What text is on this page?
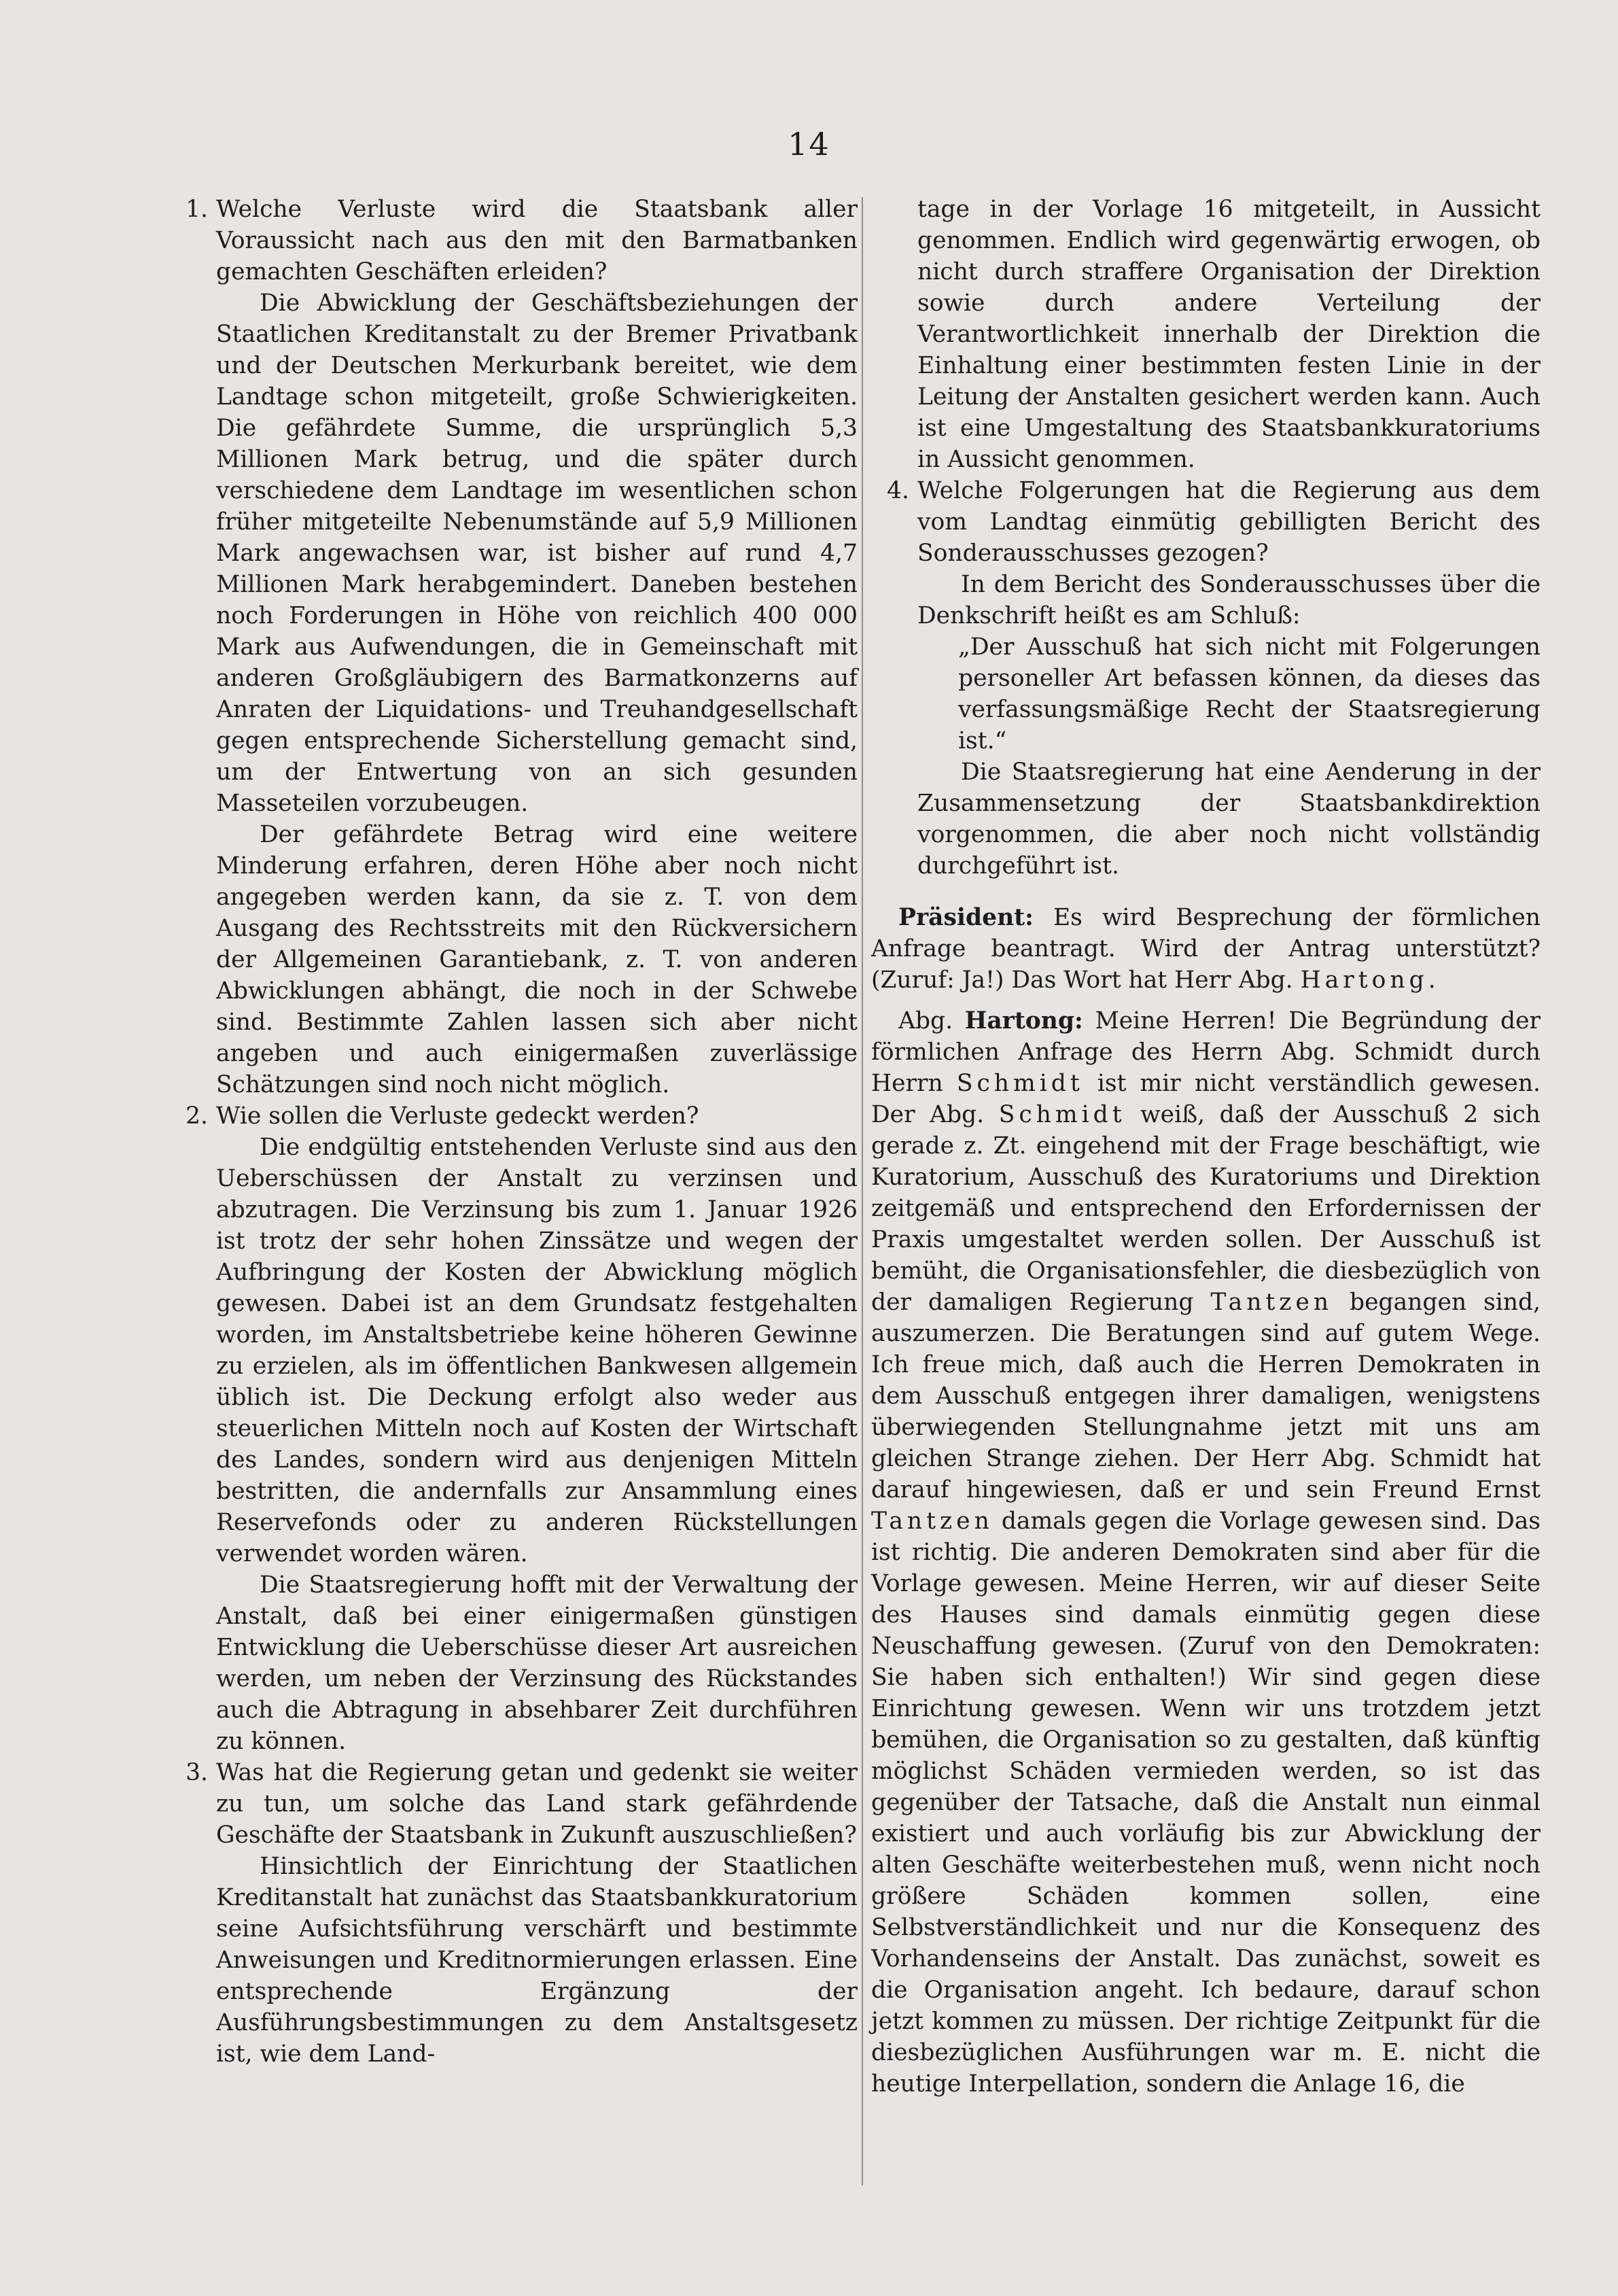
14
1. Welche Verluste wird die Staatsbank aller Voraussicht nach aus den mit den Barmatbanken gemachten Geschäften erleiden?

Die Abwicklung der Geschäftsbeziehungen der Staatlichen Kreditanstalt zu der Bremer Privatbank und der Deutschen Merkurbank bereitet, wie dem Landtage schon mitgeteilt, große Schwierigkeiten. Die gefährdete Summe, die ursprünglich 5,3 Millionen Mark betrug, und die später durch verschiedene dem Landtage im wesentlichen schon früher mitgeteilte Nebenumstände auf 5,9 Millionen Mark angewachsen war, ist bisher auf rund 4,7 Millionen Mark herabgemindert. Daneben bestehen noch Forderungen in Höhe von reichlich 400 000 Mark aus Aufwendungen, die in Gemeinschaft mit anderen Großgläubigern des Barmatkonzerns auf Anraten der Liquidations- und Treuhandgesellschaft gegen entsprechende Sicherstellung gemacht sind, um der Entwertung von an sich gesunden Masseteilen vorzubeugen.

Der gefährdete Betrag wird eine weitere Minderung erfahren, deren Höhe aber noch nicht angegeben werden kann, da sie z. T. von dem Ausgang des Rechtsstreits mit den Rückversichern der Allgemeinen Garantiebank, z. T. von anderen Abwicklungen abhängt, die noch in der Schwebe sind. Bestimmte Zahlen lassen sich aber nicht angeben und auch einigermaßen zuverlässige Schätzungen sind noch nicht möglich.

2. Wie sollen die Verluste gedeckt werden?

Die endgültig entstehenden Verluste sind aus den Ueberschüssen der Anstalt zu verzinsen und abzutragen. Die Verzinsung bis zum 1. Januar 1926 ist trotz der sehr hohen Zinssätze und wegen der Aufbringung der Kosten der Abwicklung möglich gewesen. Dabei ist an dem Grundsatz festgehalten worden, im Anstaltsbetriebe keine höheren Gewinne zu erzielen, als im öffentlichen Bankwesen allgemein üblich ist. Die Deckung erfolgt also weder aus steuerlichen Mitteln noch auf Kosten der Wirtschaft des Landes, sondern wird aus denjenigen Mitteln bestritten, die andernfalls zur Ansammlung eines Reservefonds oder zu anderen Rückstellungen verwendet worden wären.

Die Staatsregierung hofft mit der Verwaltung der Anstalt, daß bei einer einigermaßen günstigen Entwicklung die Ueberschüsse dieser Art ausreichen werden, um neben der Verzinsung des Rückstandes auch die Abtragung in absehbarer Zeit durchführen zu können.

3. Was hat die Regierung getan und gedenkt sie weiter zu tun, um solche das Land stark gefährdende Geschäfte der Staatsbank in Zukunft auszuschließen?

Hinsichtlich der Einrichtung der Staatlichen Kreditanstalt hat zunächst das Staatsbankkuratorium seine Aufsichtsführung verschärft und bestimmte Anweisungen und Kreditnormierungen erlassen. Eine entsprechende Ergänzung der Ausführungsbestimmungen zu dem Anstaltsgesetz ist, wie dem Land-

tage in der Vorlage 16 mitgeteilt, in Aussicht genommen. Endlich wird gegenwärtig erwogen, ob nicht durch straffere Organisation der Direktion sowie durch andere Verteilung der Verantwortlichkeit innerhalb der Direktion die Einhaltung einer bestimmten festen Linie in der Leitung der Anstalten gesichert werden kann. Auch ist eine Umgestaltung des Staatsbankkuratoriums in Aussicht genommen.

4. Welche Folgerungen hat die Regierung aus dem vom Landtag einmütig gebilligten Bericht des Sonderausschusses gezogen?

In dem Bericht des Sonderausschusses über die Denkschrift heißt es am Schluß:

„Der Ausschuß hat sich nicht mit Folgerungen personeller Art befassen können, da dieses das verfassungsmäßige Recht der Staatsregierung ist.“

Die Staatsregierung hat eine Aenderung in der Zusammensetzung der Staatsbankdirektion vorgenommen, die aber noch nicht vollständig durchgeführt ist.

Präsident: Es wird Besprechung der förmlichen Anfrage beantragt. Wird der Antrag unterstützt? (Zuruf: Ja!) Das Wort hat Herr Abg. Hartong.

Abg. Hartong: Meine Herren! Die Begründung der förmlichen Anfrage des Herrn Abg. Schmidt durch Herrn Schmidt ist mir nicht verständlich gewesen. Der Abg. Schmidt weiß, daß der Ausschuß 2 sich gerade z. Zt. eingehend mit der Frage beschäftigt, wie Kuratorium, Ausschuß des Kuratoriums und Direktion zeitgemäß und entsprechend den Erfordernissen der Praxis umgestaltet werden sollen. Der Ausschuß ist bemüht, die Organisationsfehler, die diesbezüglich von der damaligen Regierung Tantzen begangen sind, auszumerzen. Die Beratungen sind auf gutem Wege. Ich freue mich, daß auch die Herren Demokraten in dem Ausschuß entgegen ihrer damaligen, wenigstens überwiegenden Stellungnahme jetzt mit uns am gleichen Strange ziehen. Der Herr Abg. Schmidt hat darauf hingewiesen, daß er und sein Freund Ernst Tantzen damals gegen die Vorlage gewesen sind. Das ist richtig. Die anderen Demokraten sind aber für die Vorlage gewesen. Meine Herren, wir auf dieser Seite des Hauses sind damals einmütig gegen diese Neuschaffung gewesen. (Zuruf von den Demokraten: Sie haben sich enthalten!) Wir sind gegen diese Einrichtung gewesen. Wenn wir uns trotzdem jetzt bemühen, die Organisation so zu gestalten, daß künftig möglichst Schäden vermieden werden, so ist das gegenüber der Tatsache, daß die Anstalt nun einmal existiert und auch vorläufig bis zur Abwicklung der alten Geschäfte weiterbestehen muß, wenn nicht noch größere Schäden kommen sollen, eine Selbstverständlichkeit und nur die Konsequenz des Vorhandenseins der Anstalt. Das zunächst, soweit es die Organisation angeht. Ich bedaure, darauf schon jetzt kommen zu müssen. Der richtige Zeitpunkt für die diesbezüglichen Ausführungen war m. E. nicht die heutige Interpellation, sondern die Anlage 16, die
